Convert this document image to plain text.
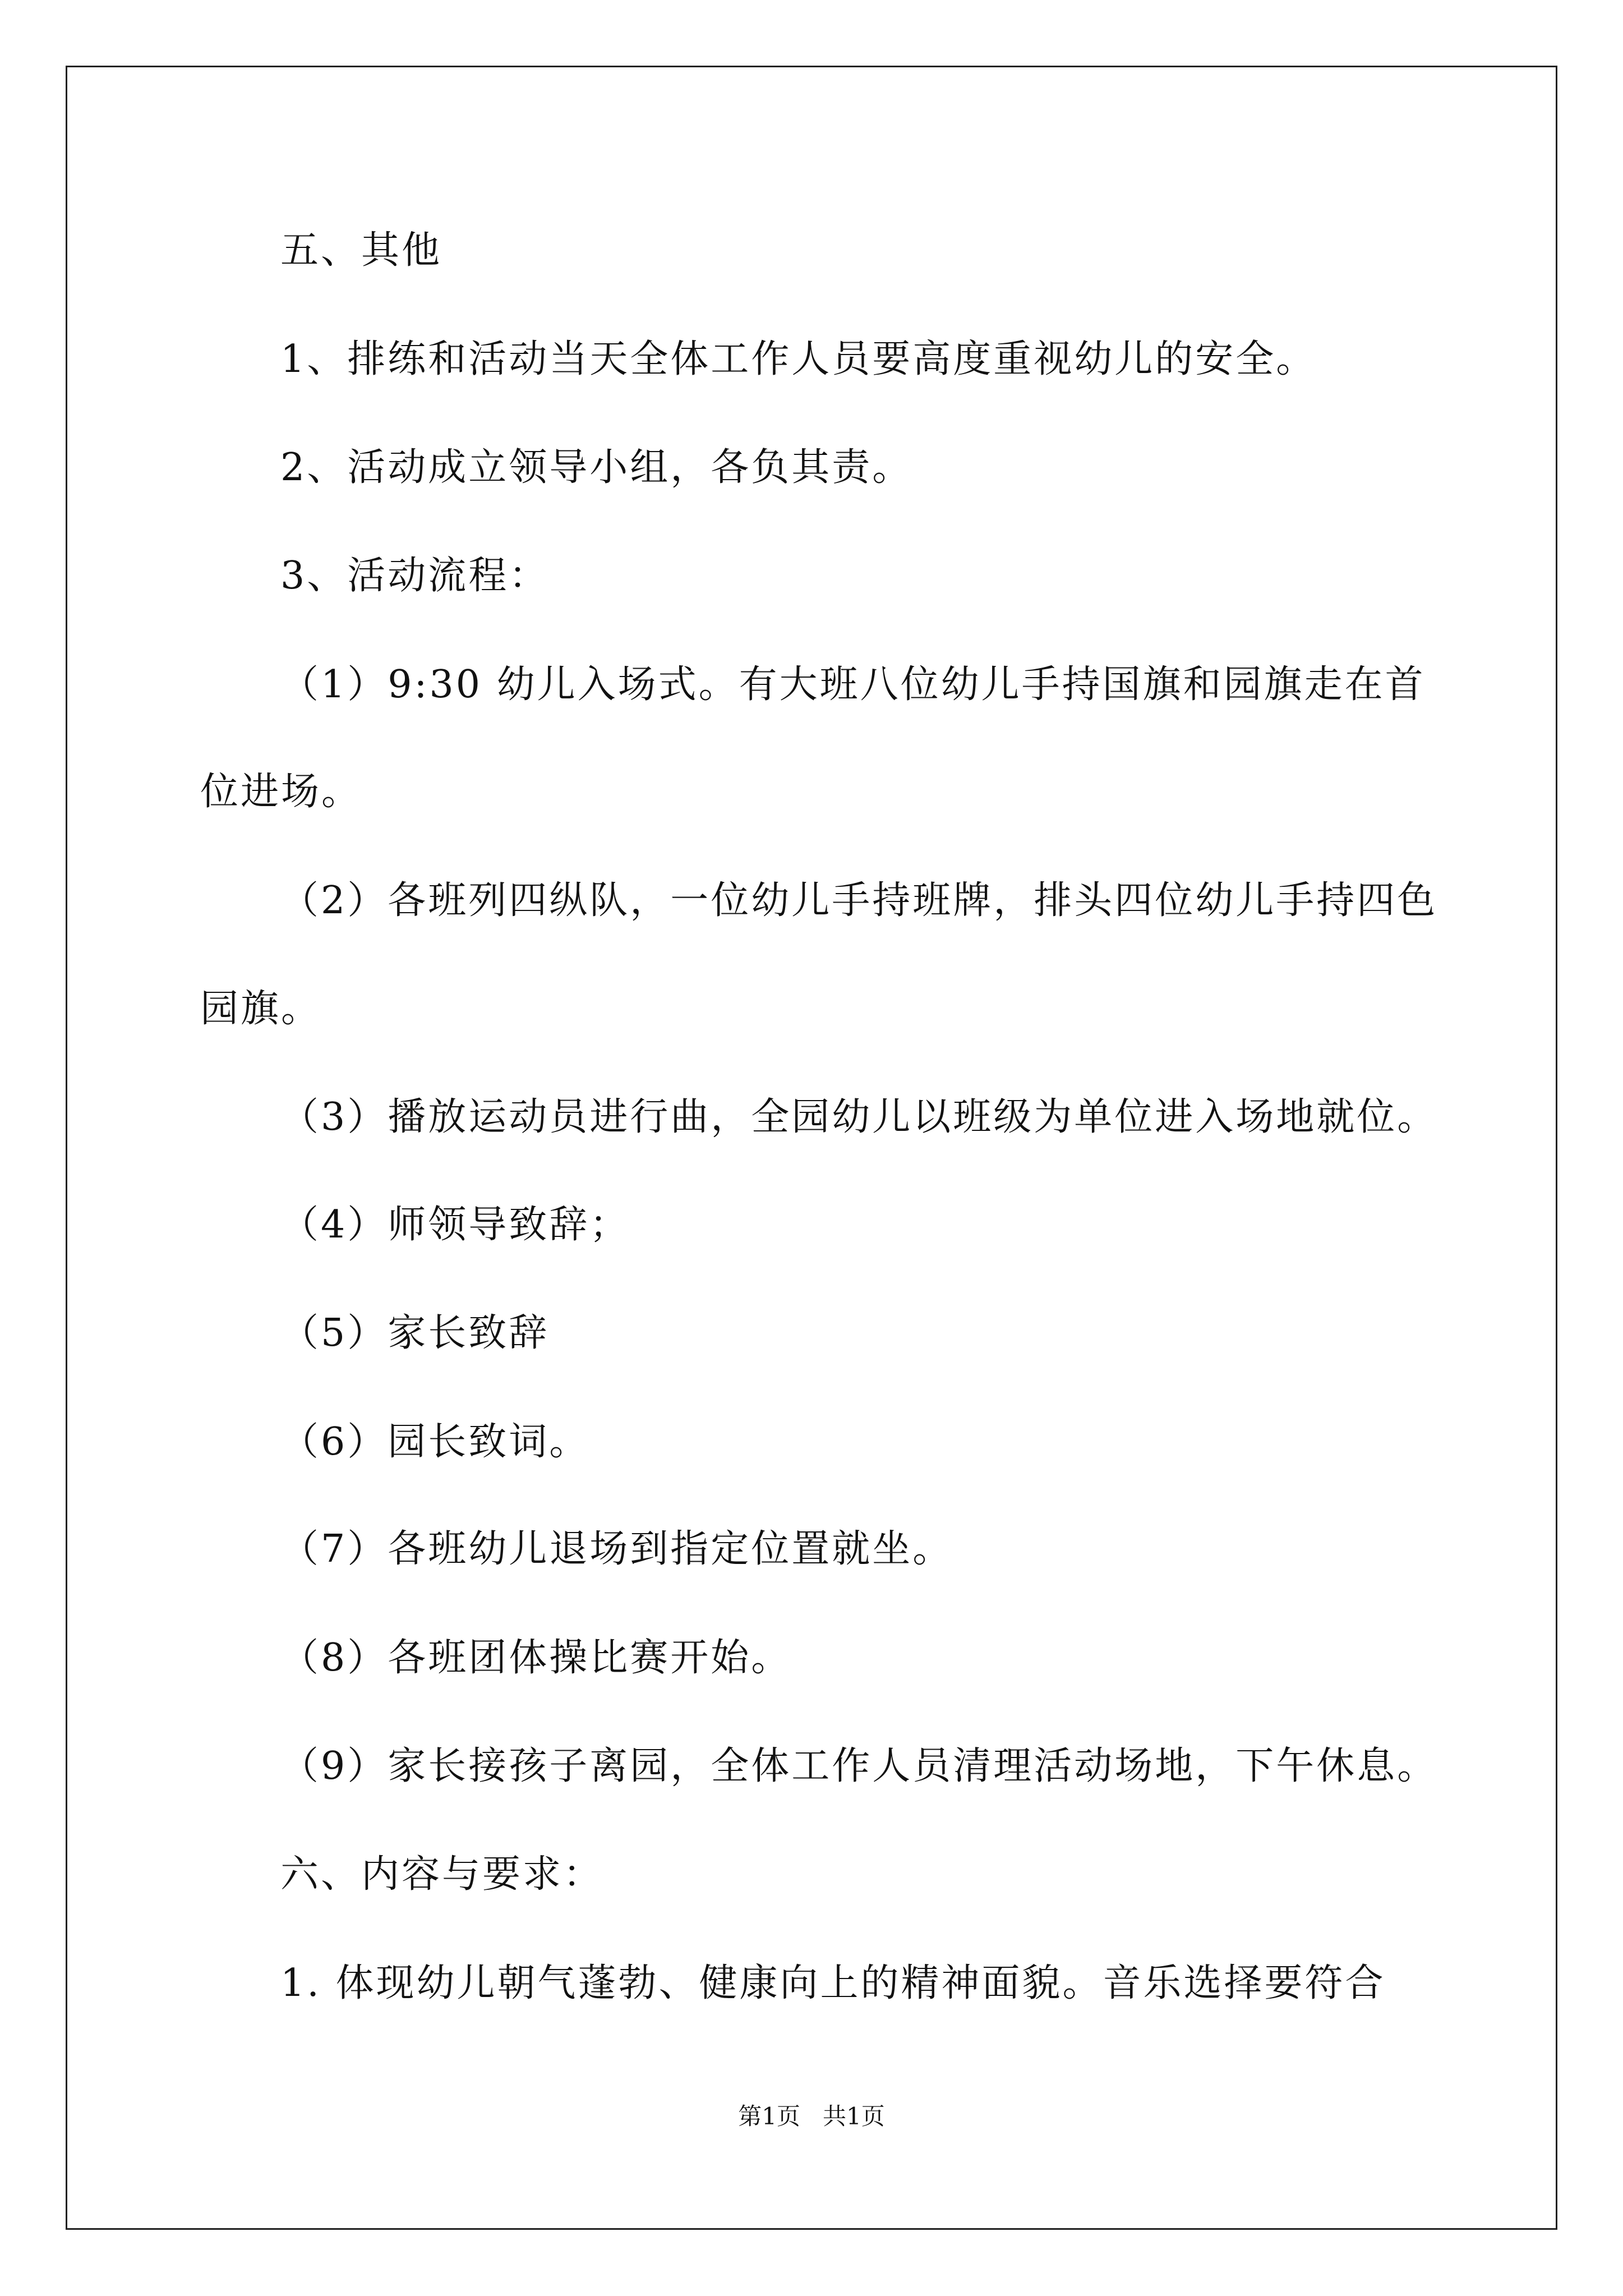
五、其他
1、排练和活动当天全体工作人员要高度重视幼儿的安全。
2、活动成立领导小组，各负其责。
3、活动流程：
（1）9:30 幼儿入场式。有大班八位幼儿手持国旗和园旗走在首
位进场。
（2）各班列四纵队，一位幼儿手持班牌，排头四位幼儿手持四色
园旗。
（3）播放运动员进行曲，全园幼儿以班级为单位进入场地就位。
（4）师领导致辞；
（5）家长致辞
（6）园长致词。
（7）各班幼儿退场到指定位置就坐。
（8）各班团体操比赛开始。
（9）家长接孩子离园，全体工作人员清理活动场地，下午休息。
六、内容与要求：
1. 体现幼儿朝气蓬勃、健康向上的精神面貌。音乐选择要符合
第1页   共1页
